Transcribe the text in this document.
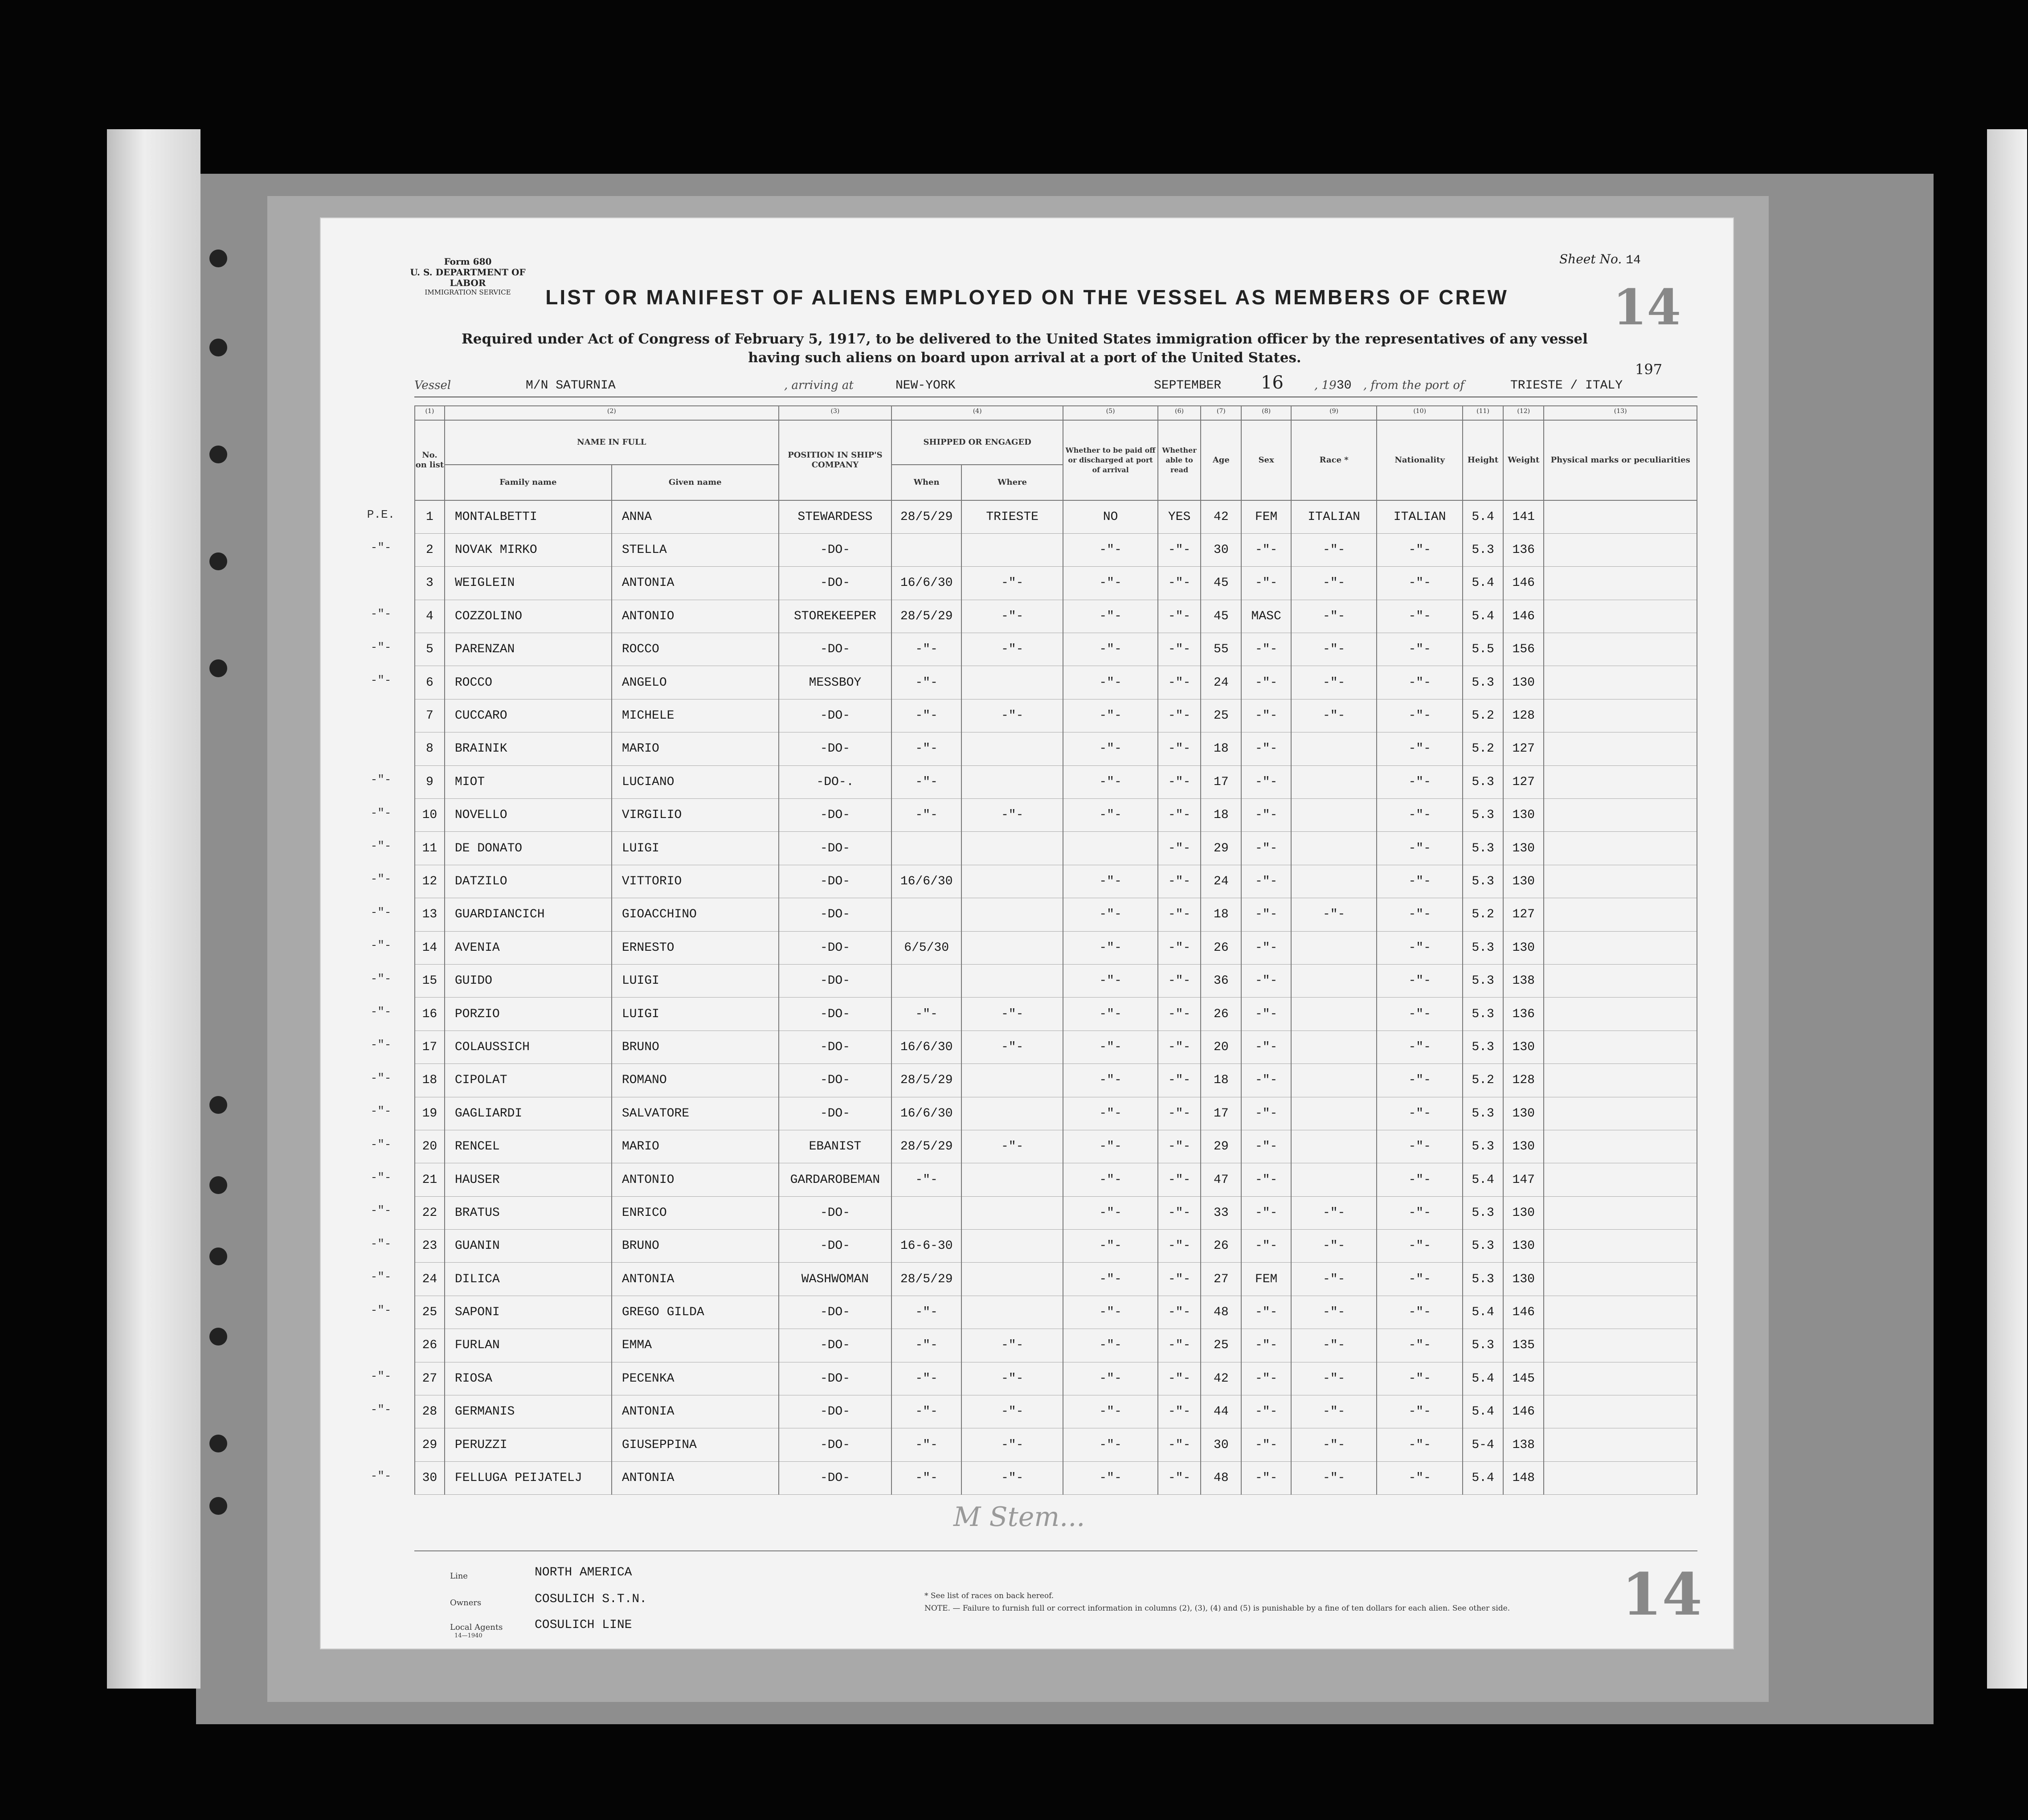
Form 680
U. S. DEPARTMENT OF LABOR
IMMIGRATION SERVICE
Sheet No. 14
14
LIST OR MANIFEST OF ALIENS EMPLOYED ON THE VESSEL AS MEMBERS OF CREW
Required under Act of Congress of February 5, 1917, to be delivered to the United States immigration officer by the representatives of any vessel having such aliens on board upon arrival at a port of the United States.
197
Vessel	M/N SATURNIA	, arriving at	NEW-YORK	SEPTEMBER 16	, 19 30 , from the port of	TRIESTE / ITALY
(1)	(2)		(3)	(4)		(5)	(6)	(7)	(8)	(9)	(10)	(11)	(12)	(13)
No. on list	NAME IN FULL		POSITION IN SHIP'S COMPANY	SHIPPED OR ENGAGED		Whether to be paid off or discharged at port of arrival	Whether able to read	Age	Sex	Race *	Nationality	Height	Weight	Physical marks or peculiarities
	Family name	Given name		When	Where									
1	MONTALBETTI	ANNA	STEWARDESS	28/5/29	TRIESTE	NO	YES	42	FEM	ITALIAN	ITALIAN	5.4	141	
2	NOVAK MIRKO	STELLA	-DO-			-"-	-"-	30	-"-	-"-	-"-	5.3	136	
3	WEIGLEIN	ANTONIA	-DO-	16/6/30	-"-	-"-	-"-	45	-"-	-"-	-"-	5.4	146	
4	COZZOLINO	ANTONIO	STOREKEEPER	28/5/29	-"-	-"-	-"-	45	MASC	-"-	-"-	5.4	146	
5	PARENZAN	ROCCO	-DO-	-"-	-"-	-"-	-"-	55	-"-	-"-	-"-	5.5	156	
6	ROCCO	ANGELO	MESSBOY	-"-		-"-	-"-	24	-"-	-"-	-"-	5.3	130	
7	CUCCARO	MICHELE	-DO-	-"-	-"-	-"-	-"-	25	-"-	-"-	-"-	5.2	128	
8	BRAINIK	MARIO	-DO-	-"-		-"-	-"-	18	-"-		-"-	5.2	127	
9	MIOT	LUCIANO	-DO-.	-"-		-"-	-"-	17	-"-		-"-	5.3	127	
10	NOVELLO	VIRGILIO	-DO-	-"-	-"-	-"-	-"-	18	-"-		-"-	5.3	130	
11	DE DONATO	LUIGI	-DO-				-"-	29	-"-		-"-	5.3	130	
12	DATZILO	VITTORIO	-DO-	16/6/30		-"-	-"-	24	-"-		-"-	5.3	130	
13	GUARDIANCICH	GIOACCHINO	-DO-			-"-	-"-	18	-"-	-"-	-"-	5.2	127	
14	AVENIA	ERNESTO	-DO-	6/5/30		-"-	-"-	26	-"-		-"-	5.3	130	
15	GUIDO	LUIGI	-DO-			-"-	-"-	36	-"-		-"-	5.3	138	
16	PORZIO	LUIGI	-DO-	-"-	-"-	-"-	-"-	26	-"-		-"-	5.3	136	
17	COLAUSSICH	BRUNO	-DO-	16/6/30	-"-	-"-	-"-	20	-"-		-"-	5.3	130	
18	CIPOLAT	ROMANO	-DO-	28/5/29		-"-	-"-	18	-"-		-"-	5.2	128	
19	GAGLIARDI	SALVATORE	-DO-	16/6/30		-"-	-"-	17	-"-		-"-	5.3	130	
20	RENCEL	MARIO	EBANIST	28/5/29	-"-	-"-	-"-	29	-"-		-"-	5.3	130	
21	HAUSER	ANTONIO	GARDAROBEMAN	-"-		-"-	-"-	47	-"-		-"-	5.4	147	
22	BRATUS	ENRICO	-DO-			-"-	-"-	33	-"-	-"-	-"-	5.3	130	
23	GUANIN	BRUNO	-DO-	16-6-30		-"-	-"-	26	-"-	-"-	-"-	5.3	130	
24	DILICA	ANTONIA	WASHWOMAN	28/5/29		-"-	-"-	27	FEM	-"-	-"-	5.3	130	
25	SAPONI	GREGO GILDA	-DO-	-"-		-"-	-"-	48	-"-	-"-	-"-	5.4	146	
26	FURLAN	EMMA	-DO-	-"-	-"-	-"-	-"-	25	-"-	-"-	-"-	5.3	135	
27	RIOSA	PECENKA	-DO-	-"-	-"-	-"-	-"-	42	-"-	-"-	-"-	5.4	145	
28	GERMANIS	ANTONIA	-DO-	-"-	-"-	-"-	-"-	44	-"-	-"-	-"-	5.4	146	
29	PERUZZI	GIUSEPPINA	-DO-	-"-	-"-	-"-	-"-	30	-"-	-"-	-"-	5-4	138	
30	FELLUGA PEIJATELJ	ANTONIA	-DO-	-"-	-"-	-"-	-"-	48	-"-	-"-	-"-	5.4	148	
P.E.
-"-
-"-
-"-
-"-
-"-
-"-
-"-
-"-
-"-
-"-
-"-
-"-
-"-
-"-
-"-
-"-
-"-
-"-
-"-
-"-
-"-
-"-
-"-
-"-
M Stem...
Line	NORTH AMERICA
Owners	COSULICH S.T.N.
Local Agents
14—1940
COSULICH LINE
* See list of races on back hereof.
NOTE. — Failure to furnish full or correct information in columns (2), (3), (4) and (5) is punishable by a fine of ten dollars for each alien. See other side. 14
